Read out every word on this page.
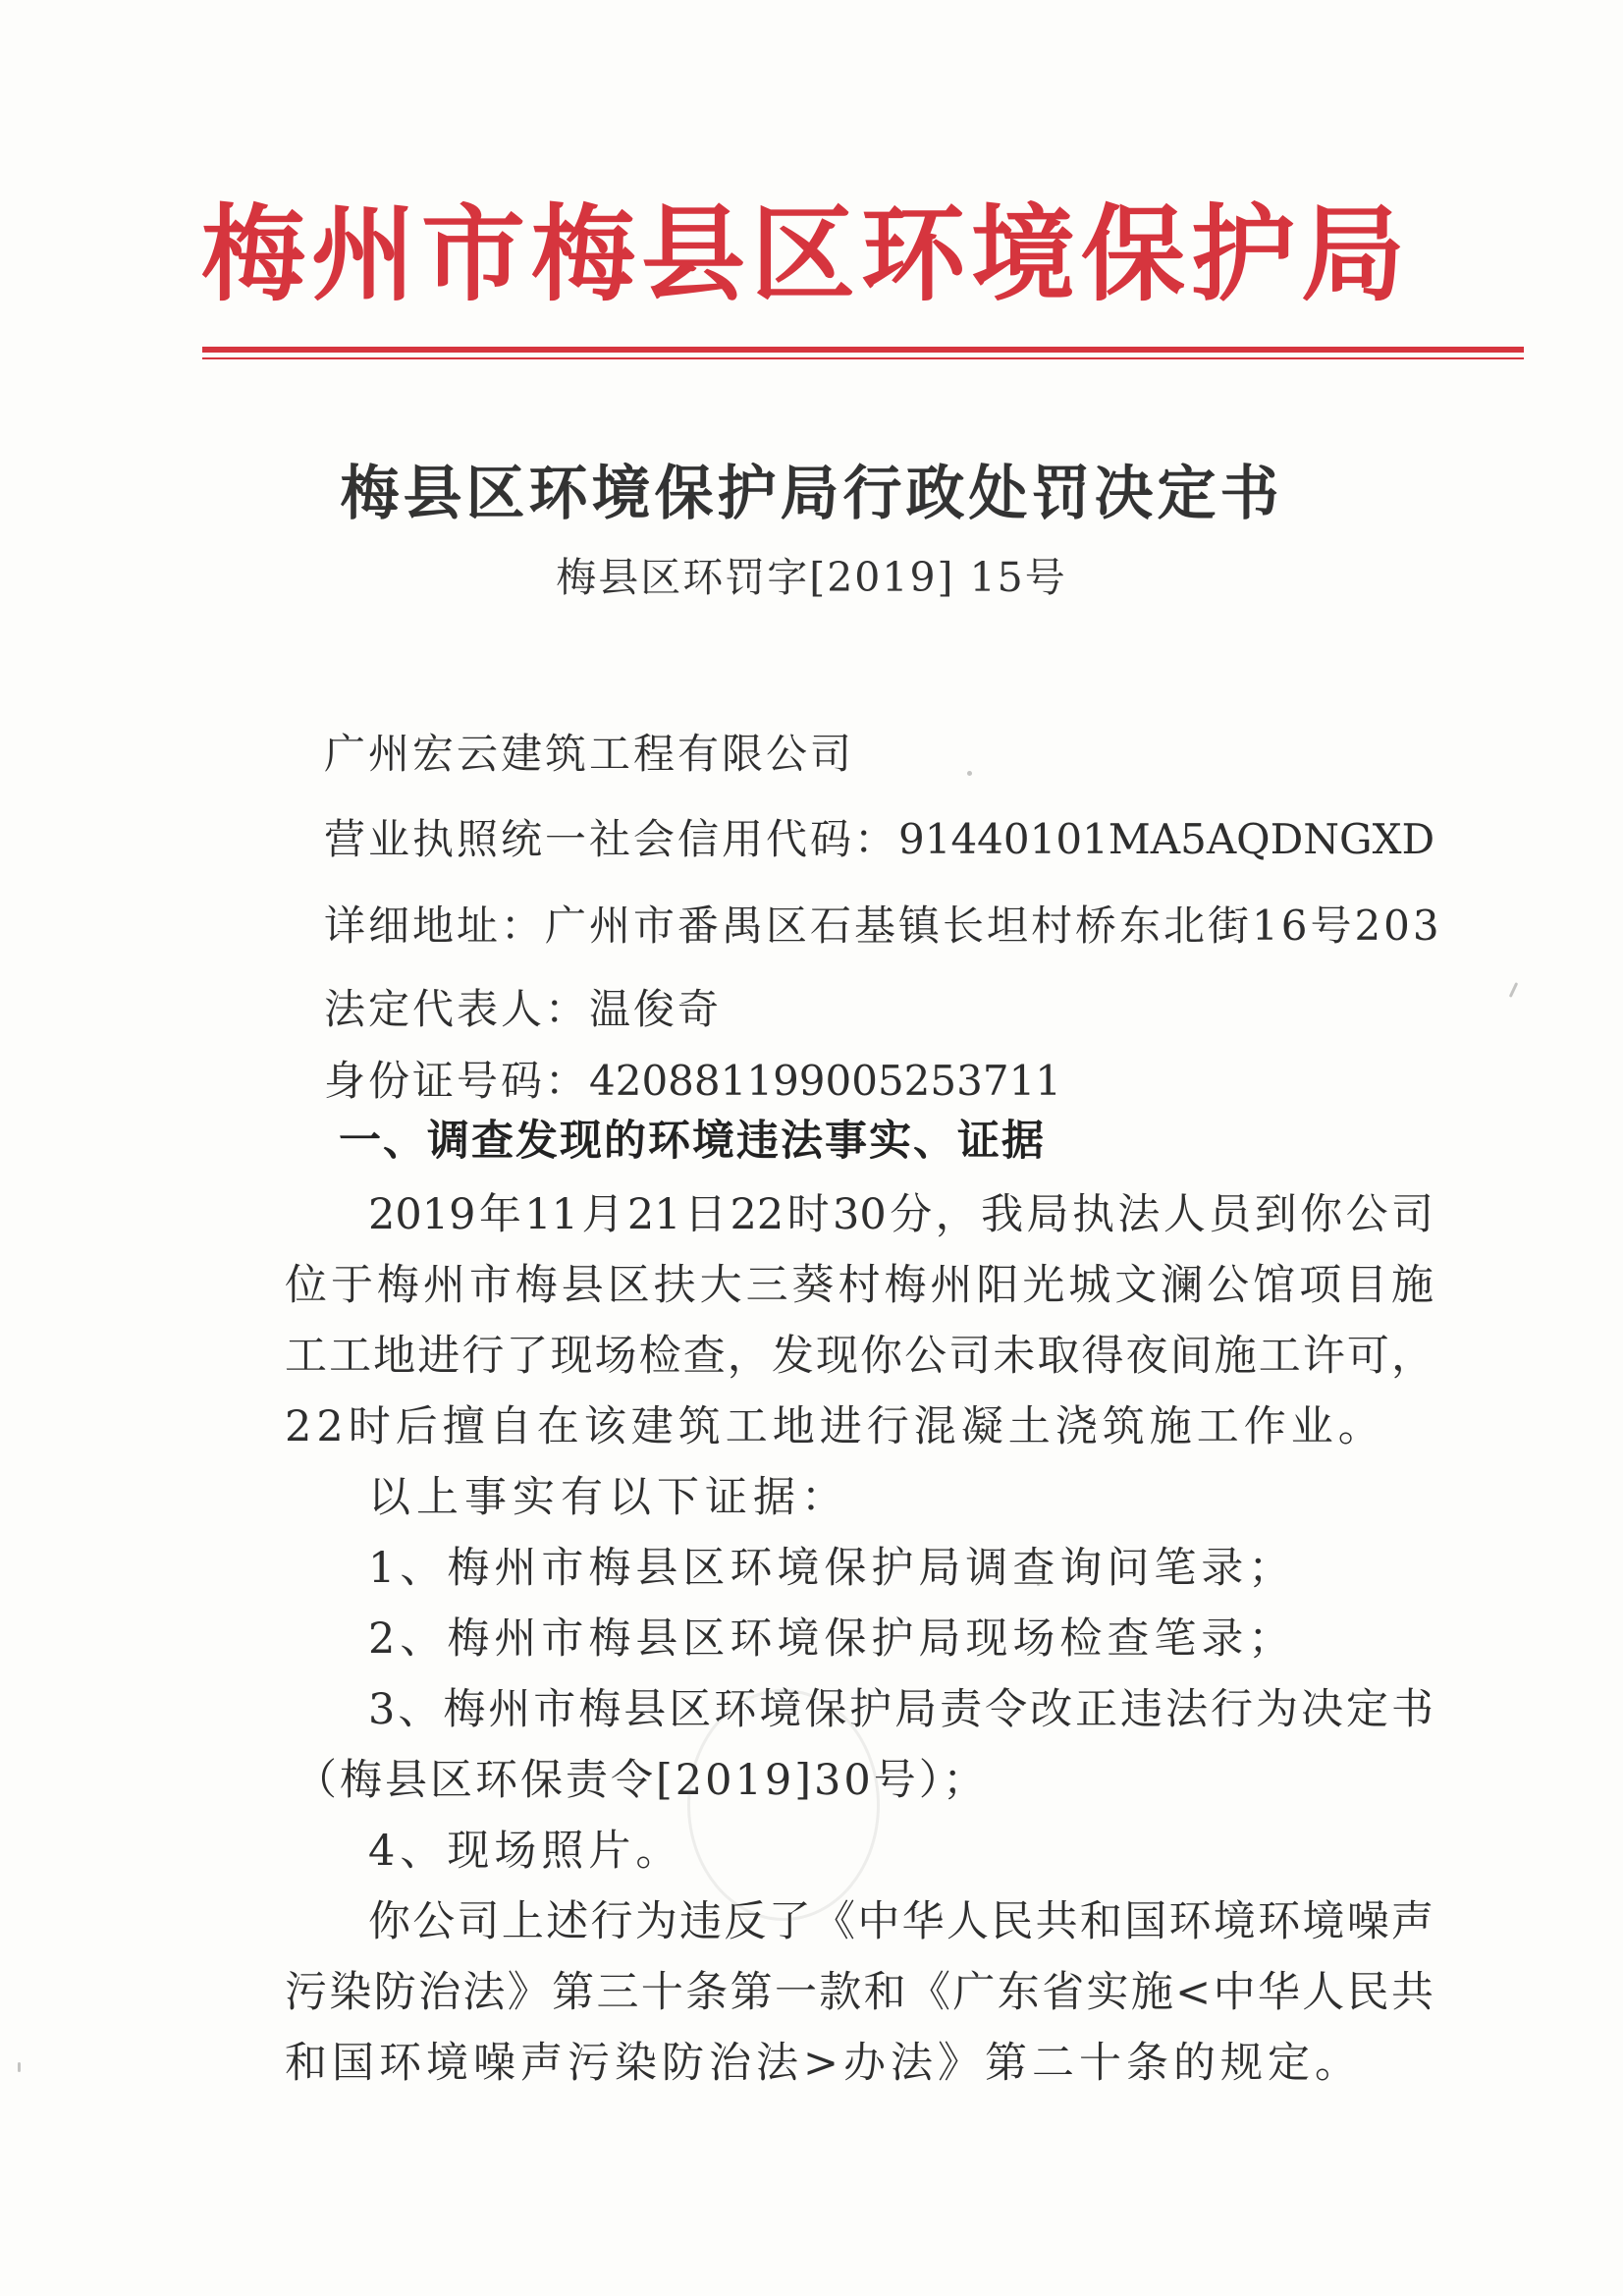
梅州市梅县区环境保护局
梅县区环境保护局行政处罚决定书
梅县区环罚字[2019] 15号
广州宏云建筑工程有限公司
营业执照统一社会信用代码：91440101MA5AQDNGXD
详细地址：广州市番禺区石基镇长坦村桥东北街16号203
法定代表人：温俊奇
身份证号码：420881199005253711
一、调查发现的环境违法事实、证据
2019年11月21日22时30分，我局执法人员到你公司
位于梅州市梅县区扶大三葵村梅州阳光城文澜公馆项目施
工工地进行了现场检查，发现你公司未取得夜间施工许可，
22时后擅自在该建筑工地进行混凝土浇筑施工作业。
以上事实有以下证据：
1、梅州市梅县区环境保护局调查询问笔录；
2、梅州市梅县区环境保护局现场检查笔录；
3、梅州市梅县区环境保护局责令改正违法行为决定书
（梅县区环保责令[2019]30号）；
4、现场照片。
你公司上述行为违反了《中华人民共和国环境环境噪声
污染防治法》第三十条第一款和《广东省实施<中华人民共
和国环境噪声污染防治法>办法》第二十条的规定。
